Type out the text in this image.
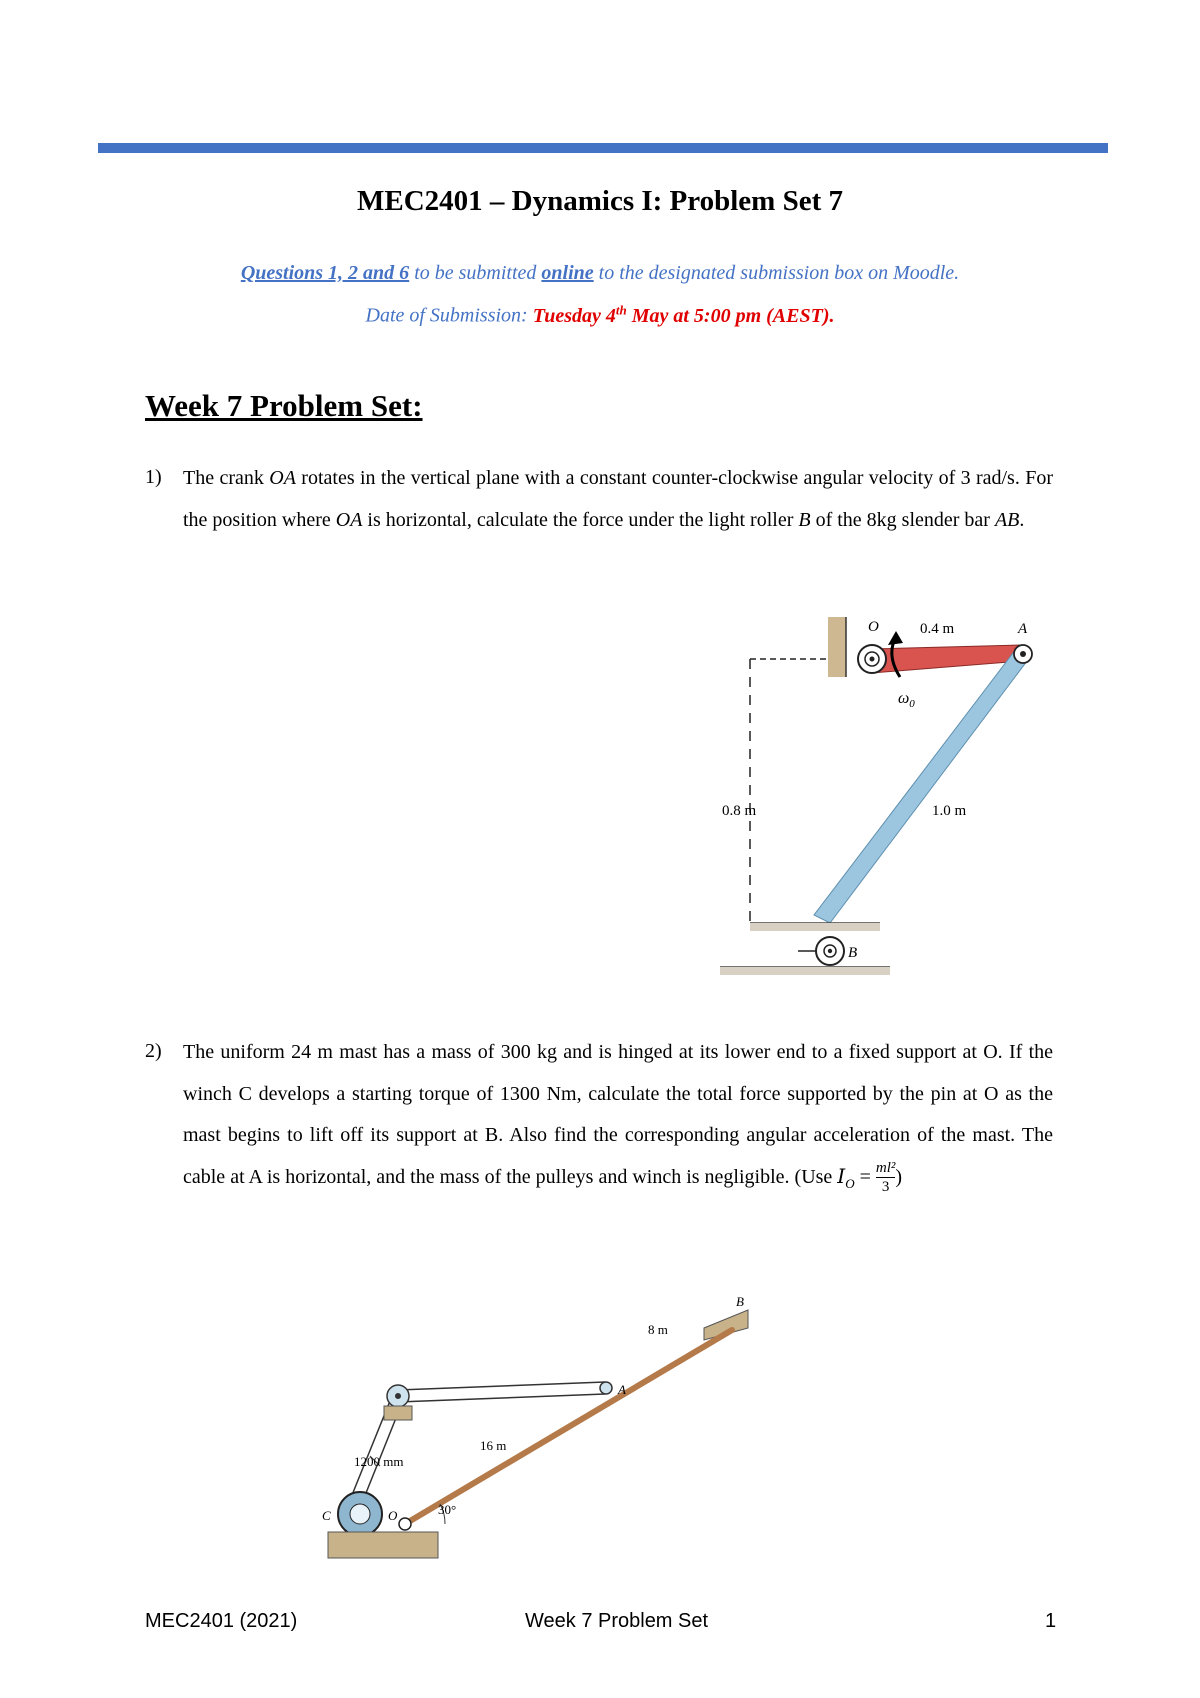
MEC2401 – Dynamics I: Problem Set 7
Questions 1, 2 and 6 to be submitted online to the designated submission box on Moodle.
Date of Submission: Tuesday 4th May at 5:00 pm (AEST).
Week 7 Problem Set:
1) The crank OA rotates in the vertical plane with a constant counter-clockwise angular velocity of 3 rad/s. For the position where OA is horizontal, calculate the force under the light roller B of the 8kg slender bar AB.
O	A
0.4 m
$\omega_0$
0.8 m	1.0 m
B
2) The uniform 24 m mast has a mass of 300 kg and is hinged at its lower end to a fixed support at O. If the winch C develops a starting torque of 1300 Nm, calculate the total force supported by the pin at O as the mast begins to lift off its support at B. Also find the corresponding angular acceleration of the mast. The cable at A is horizontal, and the mass of the pulleys and winch is negligible. (Use $I_O = \frac{\text{ml²}}{3}$ )
B
8 m
A
16 m
1200 mm
C	O	30°
MEC2401 (2021)	Week 7 Problem Set	1
